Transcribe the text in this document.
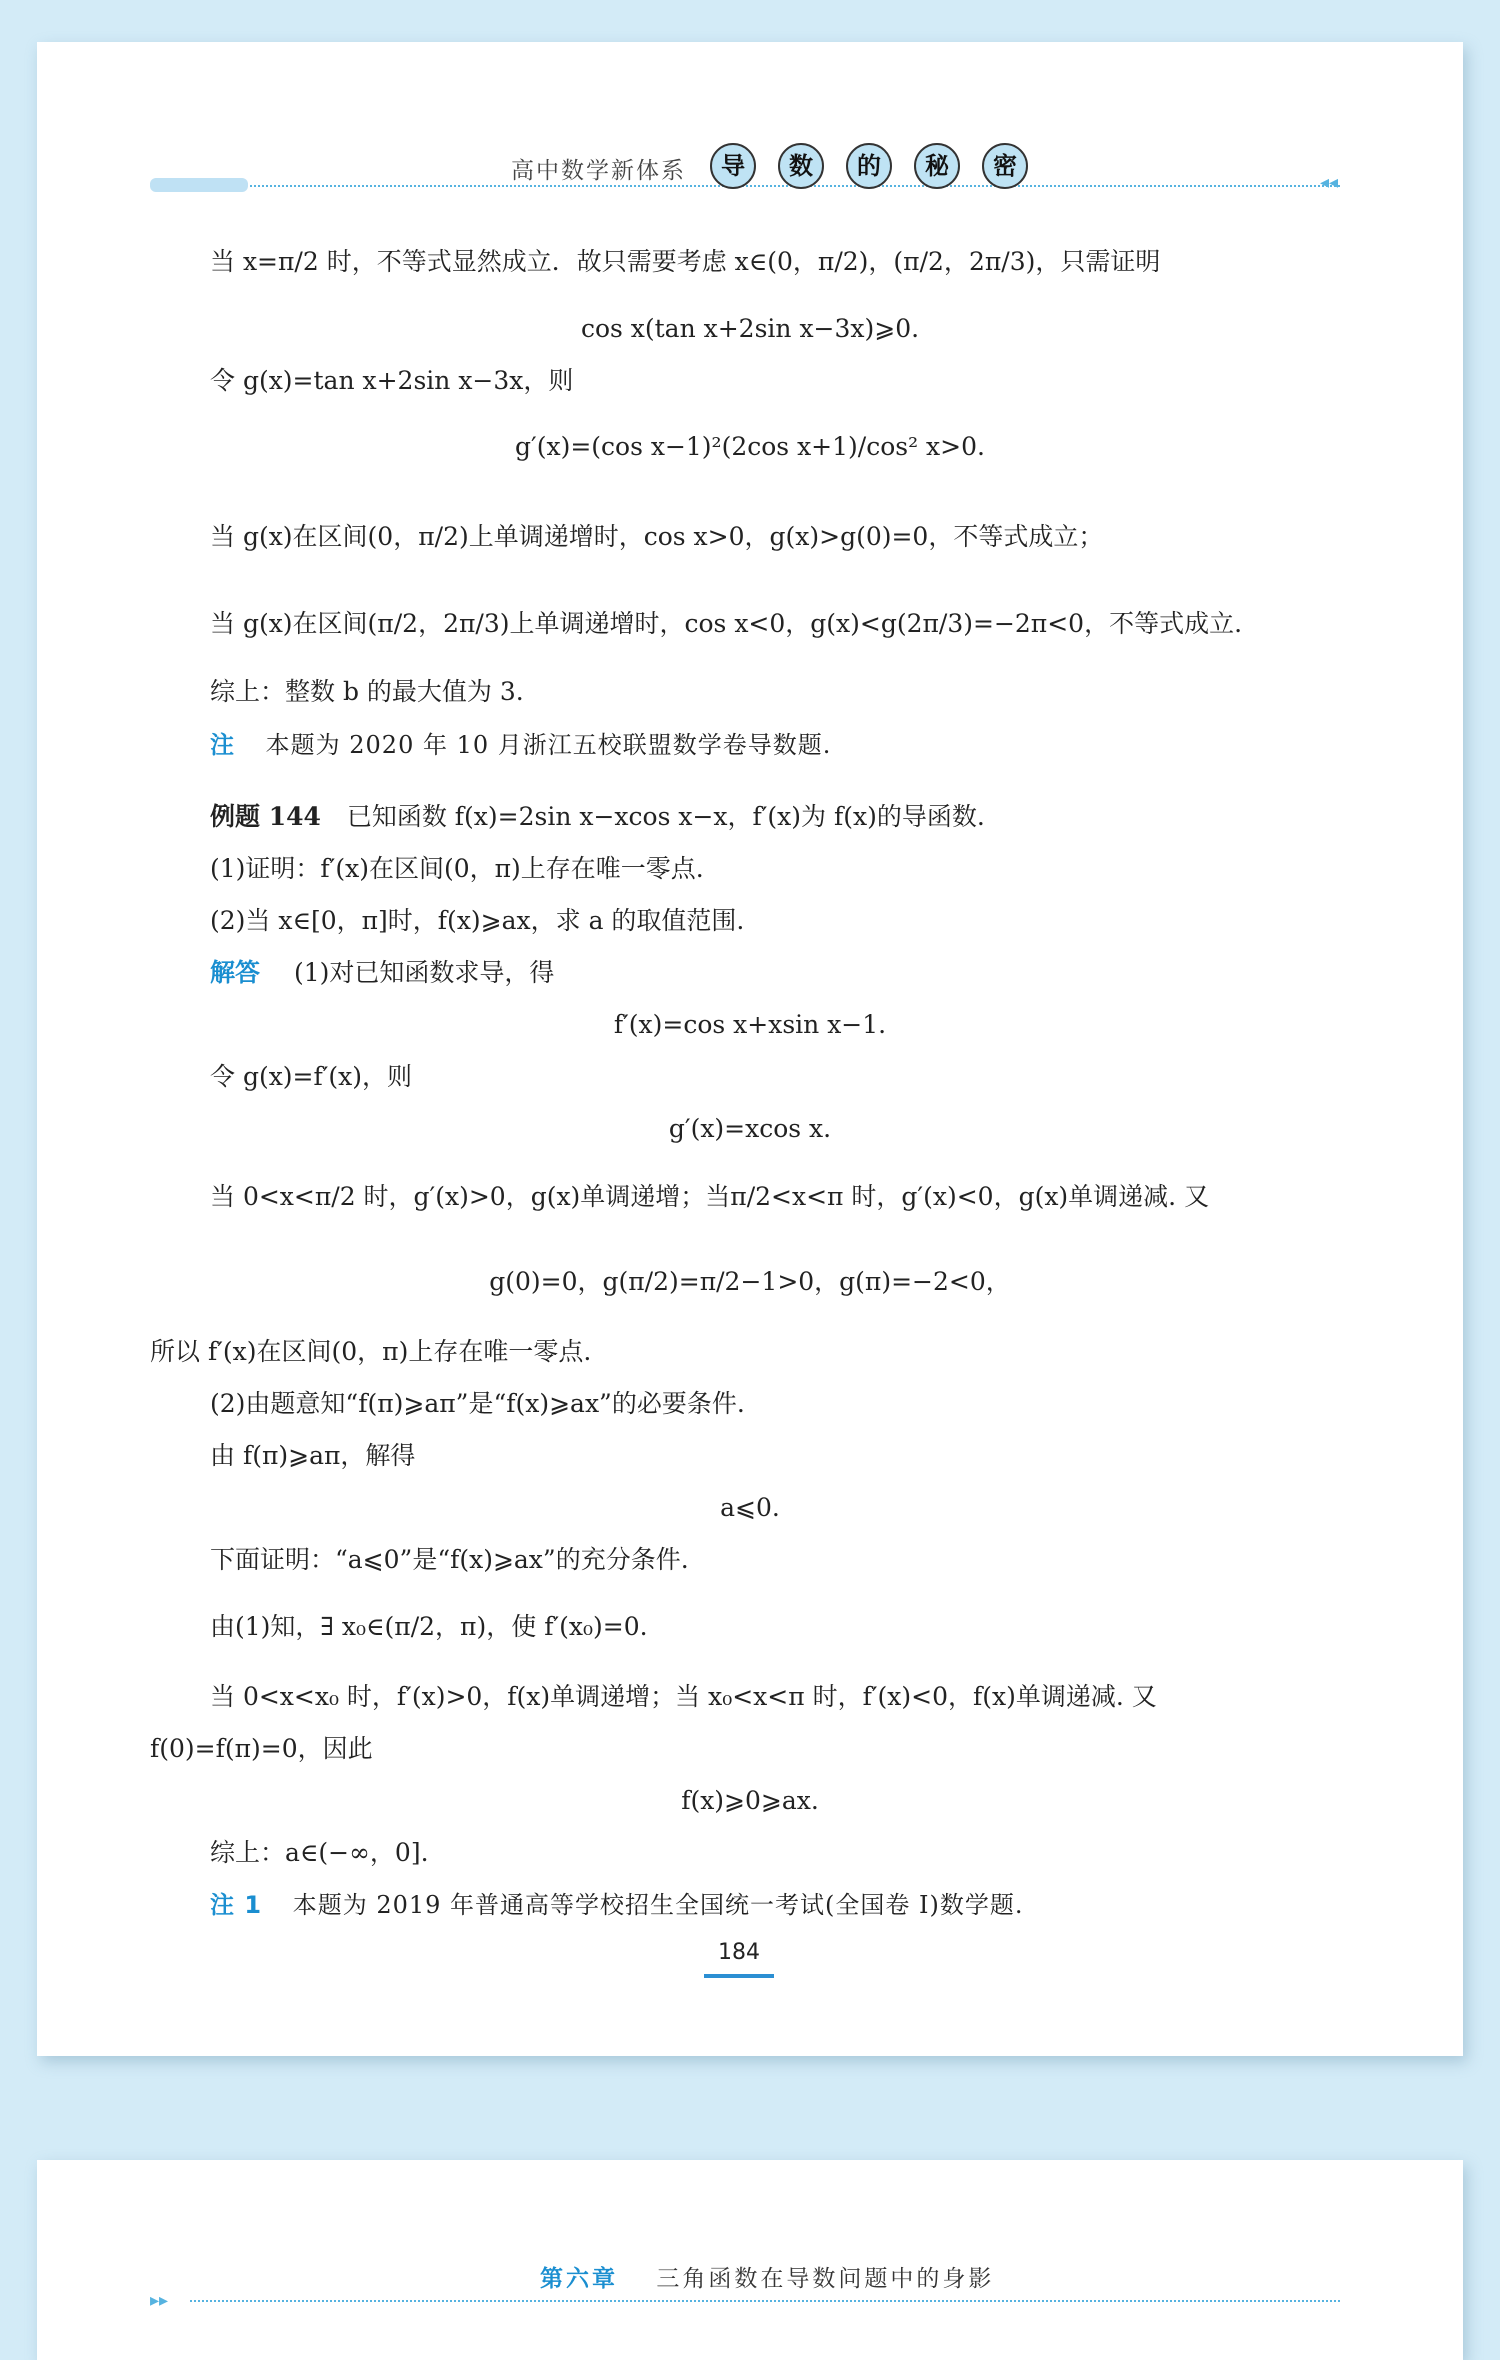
◂◂
高中数学新体系	导	数	的	秘	密
当 x=π/2 时，不等式显然成立．故只需要考虑 x∈(0，π/2)，(π/2，2π/3)，只需证明
cos x(tan x+2sin x−3x)⩾0.
令 g(x)=tan x+2sin x−3x，则
g′(x)=(cos x−1)²(2cos x+1)/cos² x>0.
当 g(x)在区间(0，π/2)上单调递增时，cos x>0，g(x)>g(0)=0，不等式成立；
当 g(x)在区间(π/2，2π/3)上单调递增时，cos x<0，g(x)<g(2π/3)=−2π<0，不等式成立.
综上：整数 b 的最大值为 3.
注 本题为 2020 年 10 月浙江五校联盟数学卷导数题.
例题 144 已知函数 f(x)=2sin x−xcos x−x，f′(x)为 f(x)的导函数.
(1)证明：f′(x)在区间(0，π)上存在唯一零点.
(2)当 x∈[0，π]时，f(x)⩾ax，求 a 的取值范围.
解答 (1)对已知函数求导，得
f′(x)=cos x+xsin x−1.
令 g(x)=f′(x)，则
g′(x)=xcos x.
当 0<x<π/2 时，g′(x)>0，g(x)单调递增；当π/2<x<π 时，g′(x)<0，g(x)单调递减. 又
g(0)=0，g(π/2)=π/2−1>0，g(π)=−2<0，
所以 f′(x)在区间(0，π)上存在唯一零点.
(2)由题意知“f(π)⩾aπ”是“f(x)⩾ax”的必要条件.
由 f(π)⩾aπ，解得
a⩽0.
下面证明：“a⩽0”是“f(x)⩾ax”的充分条件.
由(1)知，∃ x₀∈(π/2，π)，使 f′(x₀)=0.
当 0<x<x₀ 时，f′(x)>0，f(x)单调递增；当 x₀<x<π 时，f′(x)<0，f(x)单调递减. 又
f(0)=f(π)=0，因此
f(x)⩾0⩾ax.
综上：a∈(−∞，0].
注 1 本题为 2019 年普通高等学校招生全国统一考试(全国卷 Ⅰ)数学题.
184
▸▸
第六章 三角函数在导数问题中的身影
